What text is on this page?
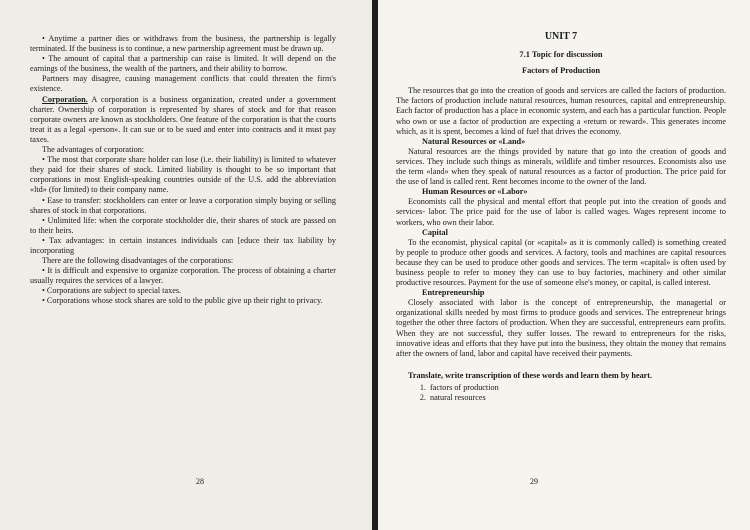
• Anytime a partner dies or withdraws from the business, the partnership is legally terminated. If the business is to continue, a new partnership agreement must be drawn up.

• The amount of capital that a partnership can raise is limited. It will depend on the earnings of the business, the wealth of the partners, and their ability to borrow.

Partners may disagree, causing management conflicts that could threaten the firm's existence.

Corporation. A corporation is a business organization, created under a government charter. Ownership of corporation is represented by shares of stock and for that reason corporate owners are known as stockholders. One feature of the corporation is that the courts treat it as a legal «person». It can sue or to be sued and enter into contracts and it must pay taxes.

The advantages of corporation:

• The most that corporate share holder can lose (i.e. their liability) is limited to whatever they paid for their shares of stock. Limited liability is thought to be so important that corporations in most English-speaking countries outside of the U.S. add the abbreviation «ltd» (for limited) to their company name.

• Ease to transfer: stockholders can enter or leave a corporation simply buying or selling shares of stock in that corporations.

• Unlimited life: when the corporate stockholder die, their shares of stock are passed on to their heirs.

• Tax advantages: in certain instances individuals can [educe their tax liability by incorporating

There are the following disadvantages of the corporations:

• It is difficult and expensive to organize corporation. The process of obtaining a charter usually requires the services of a lawyer.

• Corporations are subject to special taxes.

• Corporations whose stock shares are sold to the public give up their right to privacy.

28
UNIT 7
7.1 Topic for discussion
Factors of Production

The resources that go into the creation of goods and services are called the factors of production. The factors of production include natural resources, human resources, capital and entrepreneurship. Each factor of production has a place in economic system, and each has a particular function. People who own or use a factor of production are expecting a «return or reward». This generates income which, as it is spent, becomes a kind of fuel that drives the economy.

Natural Resources or «Land»

Natural resources are the things provided by nature that go into the creation of goods and services. They include such things as minerals, wildlife and timber resources. Economists also use the term «land» when they speak of natural resources as a factor of production. The price paid for the use of land is called rent. Rent becomes income to the owner of the land.

Human Resources or «Labor»

Economists call the physical and mental effort that people put into the creation of goods and services- labor. The price paid for the use of labor is called wages. Wages represent income to workers, who own their labor.

Capital

To the economist, physical capital (or «capital» as it is commonly called) is something created by people to produce other goods and services. A factory, tools and machines are capital resources because they can be used to produce other goods and services. The term «capital» is often used by business people to refer to money they can use to buy factories, machinery and other similar productive resources. Payment for the use of someone else's money, or capital, is called interest.

Entrepreneurship

Closely associated with labor is the concept of entrepreneurship, the managerial or organizational skills needed by most firms to produce goods and services. The entrepreneur brings together the other three factors of production. When they are successful, entrepreneurs earn profits. When they are not successful, they suffer losses. The reward to entrepreneurs for the risks, innovative ideas and efforts that they have put into the business, they obtain the money that remains after the owners of land, labor and capital have received their payments.

Translate, write transcription of these words and learn them by heart.

1. factors of production
2. natural resources
29
